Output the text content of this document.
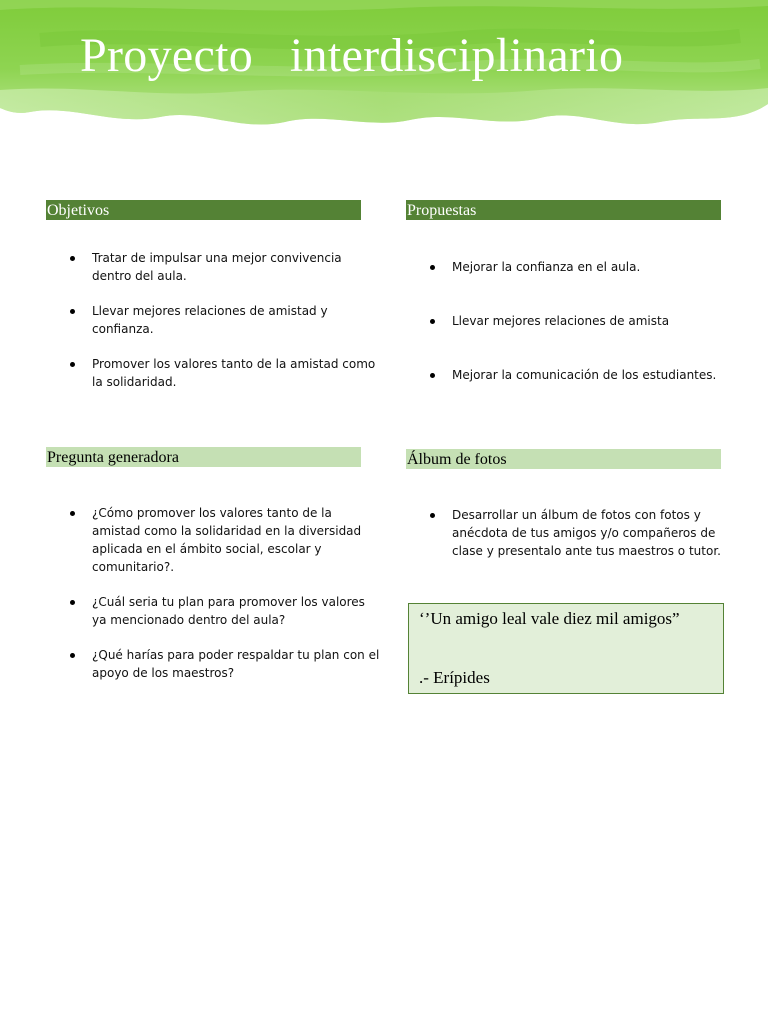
Proyecto   interdisciplinario
Objetivos
Tratar de impulsar una mejor convivencia dentro del aula.
Llevar mejores relaciones de amistad y confianza.
Promover los valores tanto de la amistad como la solidaridad.
Propuestas
Mejorar la confianza en el aula.
Llevar mejores relaciones de amista
Mejorar la comunicación de los estudiantes.
Pregunta generadora
¿Cómo promover los valores tanto de la amistad como la solidaridad en la diversidad aplicada en el ámbito social, escolar y comunitario?.
¿Cuál seria tu plan para promover los valores ya mencionado dentro del aula?
¿Qué harías para poder respaldar tu plan con el apoyo de los maestros?
Álbum de fotos
Desarrollar un álbum de fotos con fotos y anécdota de tus amigos y/o compañeros de clase y presentalo ante tus maestros o tutor.
‘’Un amigo leal vale diez mil amigos”
.- Erípides
